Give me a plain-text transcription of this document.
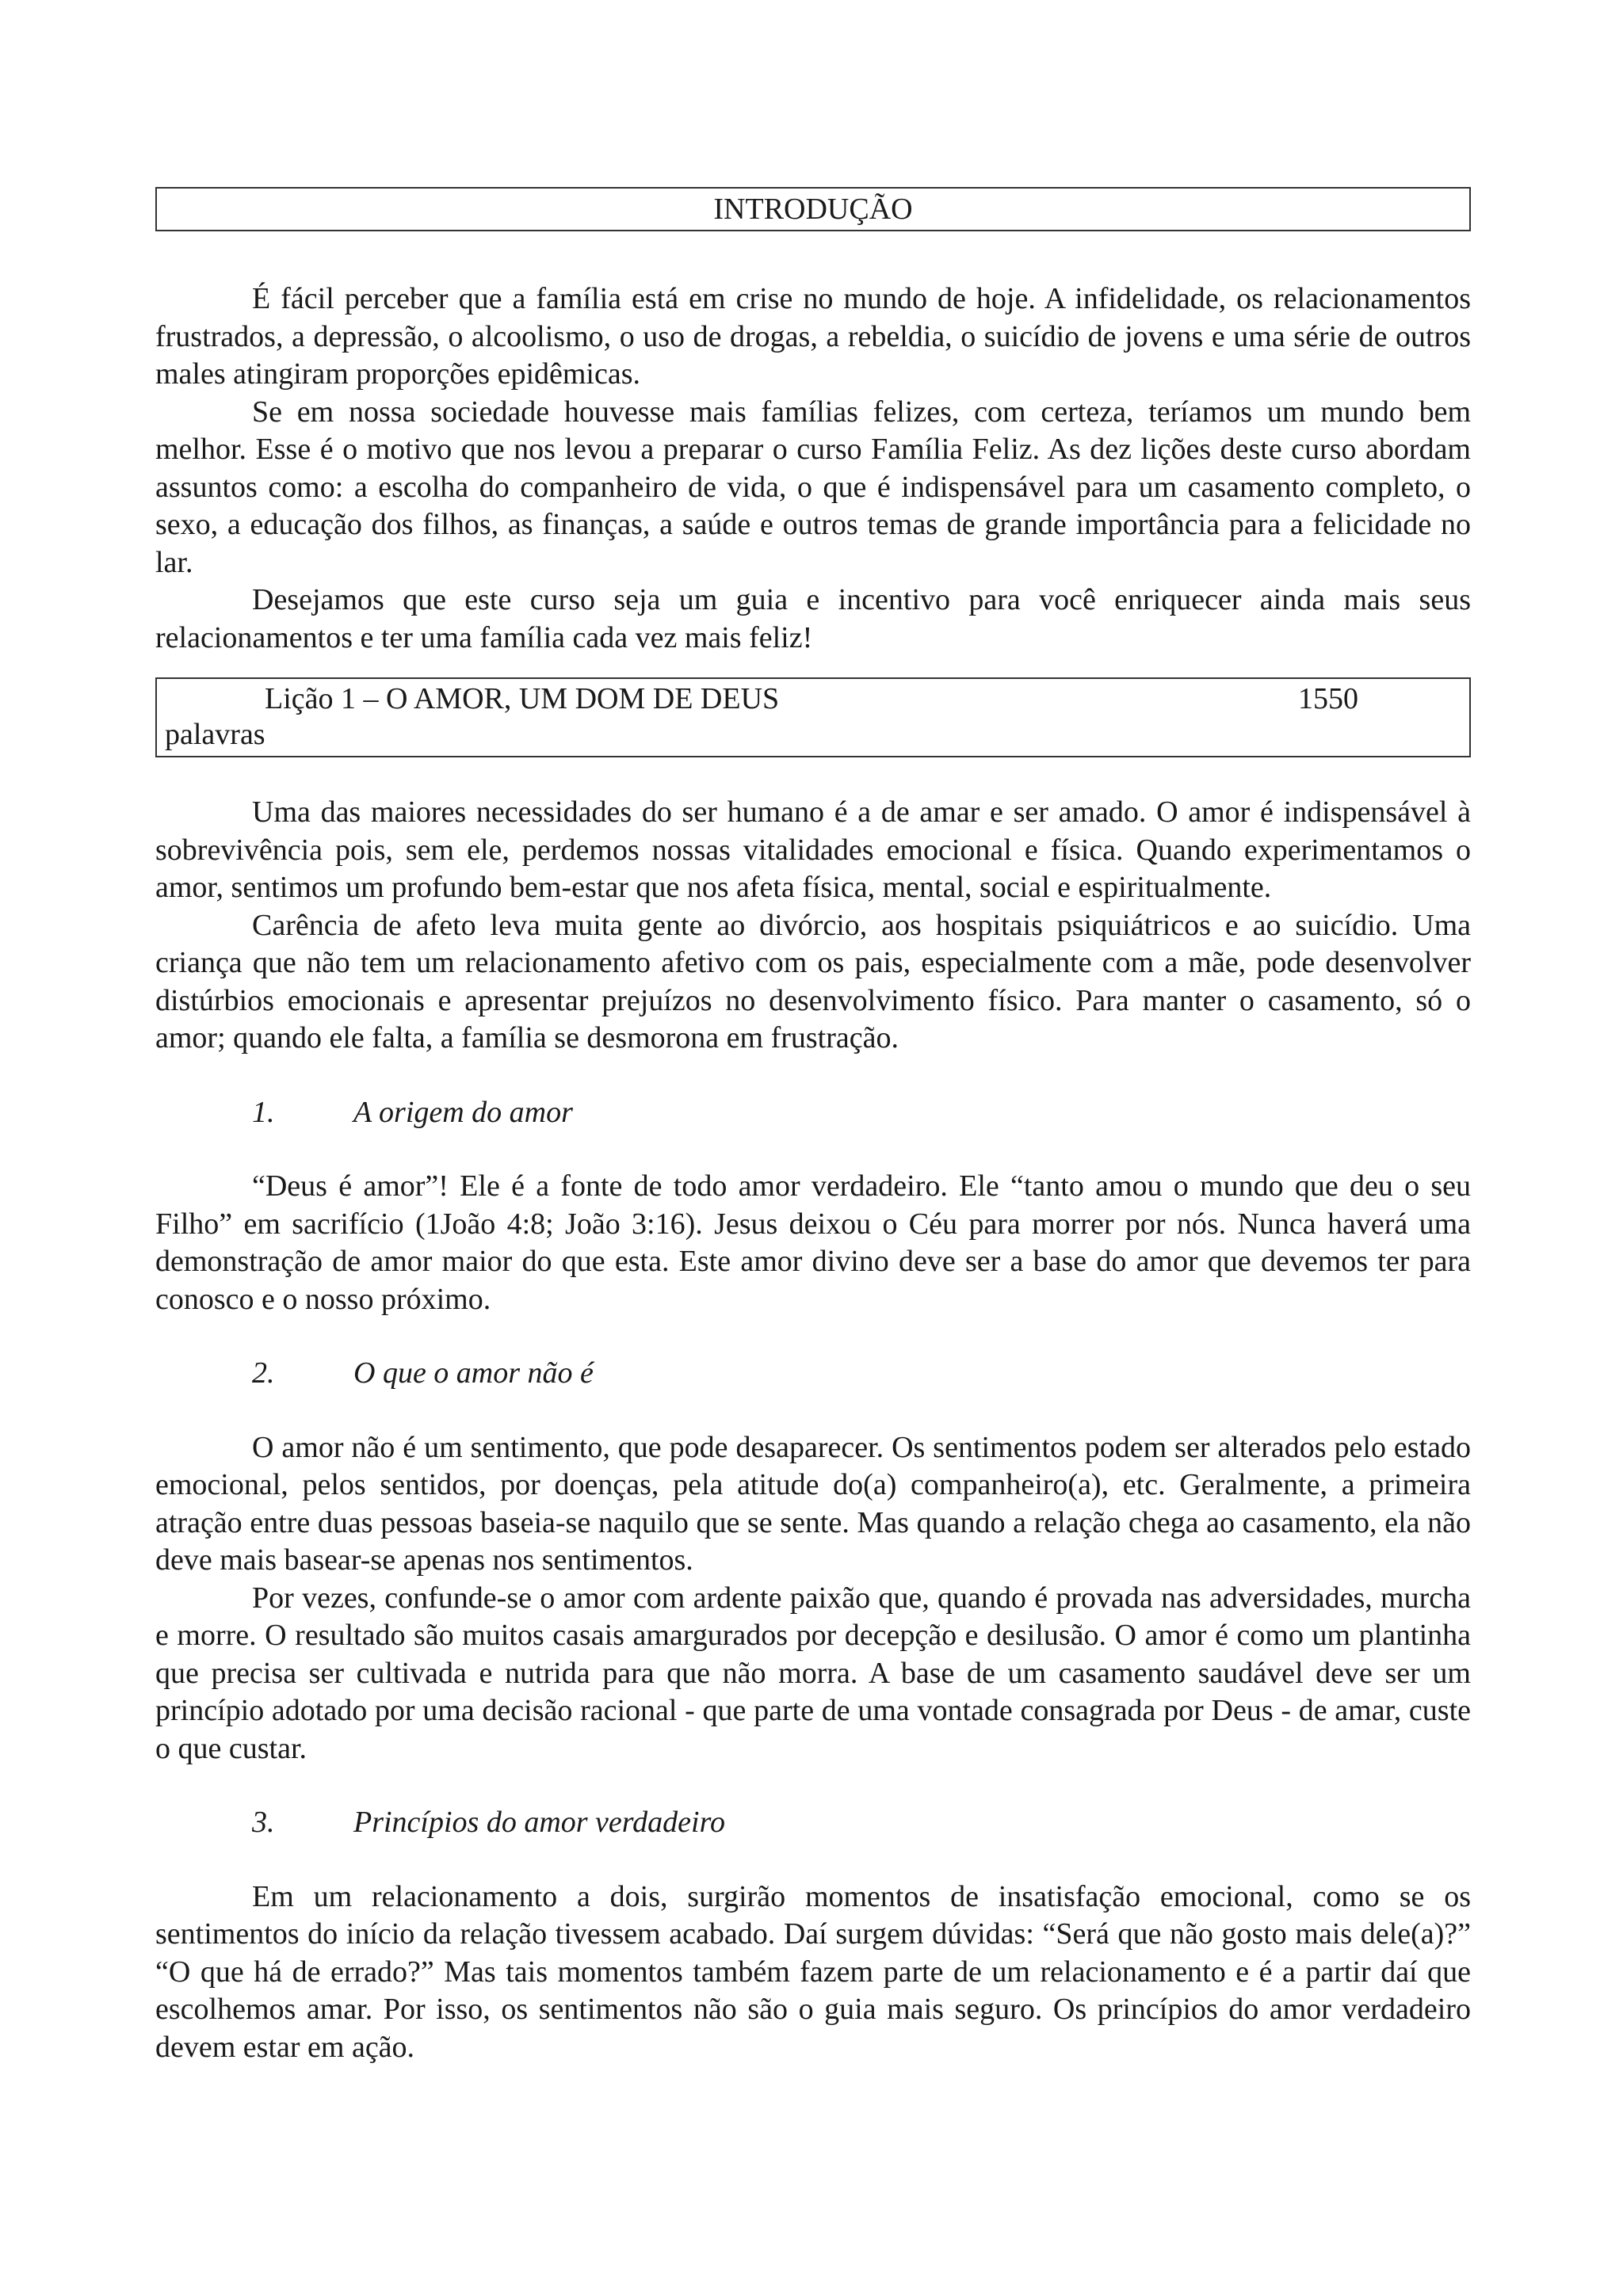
INTRODUÇÃO

É fácil perceber que a família está em crise no mundo de hoje. A infidelidade, os relacionamentos frustrados, a depressão, o alcoolismo, o uso de drogas, a rebeldia, o suicídio de jovens e uma série de outros males atingiram proporções epidêmicas.

Se em nossa sociedade houvesse mais famílias felizes, com certeza, teríamos um mundo bem melhor. Esse é o motivo que nos levou a preparar o curso Família Feliz. As dez lições deste curso abordam assuntos como: a escolha do companheiro de vida, o que é indispensável para um casamento completo, o sexo, a educação dos filhos, as finanças, a saúde e outros temas de grande importância para a felicidade no lar.

Desejamos que este curso seja um guia e incentivo para você enriquecer ainda mais seus relacionamentos e ter uma família cada vez mais feliz!

Lição 1 – O AMOR, UM DOM DE DEUS	1550
palavras

Uma das maiores necessidades do ser humano é a de amar e ser amado. O amor é indispensável à sobrevivência pois, sem ele, perdemos nossas vitalidades emocional e física. Quando experimentamos o amor, sentimos um profundo bem-estar que nos afeta física, mental, social e espiritualmente.

Carência de afeto leva muita gente ao divórcio, aos hospitais psiquiátricos e ao suicídio. Uma criança que não tem um relacionamento afetivo com os pais, especialmente com a mãe, pode desenvolver distúrbios emocionais e apresentar prejuízos no desenvolvimento físico. Para manter o casamento, só o amor; quando ele falta, a família se desmorona em frustração.

1.	A origem do amor

“Deus é amor”! Ele é a fonte de todo amor verdadeiro. Ele “tanto amou o mundo que deu o seu Filho” em sacrifício (1João 4:8; João 3:16). Jesus deixou o Céu para morrer por nós. Nunca haverá uma demonstração de amor maior do que esta. Este amor divino deve ser a base do amor que devemos ter para conosco e o nosso próximo.

2.	O que o amor não é

O amor não é um sentimento, que pode desaparecer. Os sentimentos podem ser alterados pelo estado emocional, pelos sentidos, por doenças, pela atitude do(a) companheiro(a), etc. Geralmente, a primeira atração entre duas pessoas baseia-se naquilo que se sente. Mas quando a relação chega ao casamento, ela não deve mais basear-se apenas nos sentimentos.

Por vezes, confunde-se o amor com ardente paixão que, quando é provada nas adversidades, murcha e morre. O resultado são muitos casais amargurados por decepção e desilusão. O amor é como um plantinha que precisa ser cultivada e nutrida para que não morra. A base de um casamento saudável deve ser um princípio adotado por uma decisão racional - que parte de uma vontade consagrada por Deus - de amar, custe o que custar.

3.	Princípios do amor verdadeiro

Em um relacionamento a dois, surgirão momentos de insatisfação emocional, como se os sentimentos do início da relação tivessem acabado. Daí surgem dúvidas: “Será que não gosto mais dele(a)?” “O que há de errado?” Mas tais momentos também fazem parte de um relacionamento e é a partir daí que escolhemos amar. Por isso, os sentimentos não são o guia mais seguro. Os princípios do amor verdadeiro devem estar em ação.
